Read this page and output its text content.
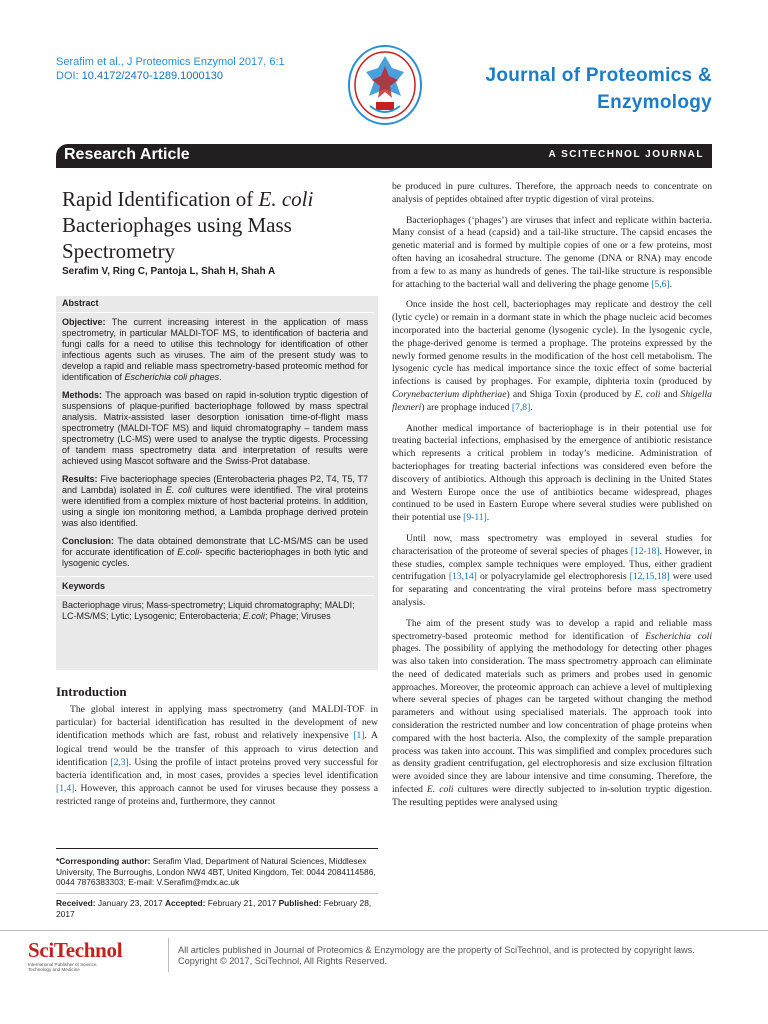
Serafim et al., J Proteomics Enzymol 2017, 6:1
DOI: 10.4172/2470-1289.1000130	Journal of Proteomics &
Enzymology
Research Article	A SCITECHNOL JOURNAL
Rapid Identification of E. coli Bacteriophages using Mass Spectrometry
Serafim V, Ring C, Pantoja L, Shah H, Shah A
Abstract

Objective: The current increasing interest in the application of mass spectrometry, in particular MALDI-TOF MS, to identification of bacteria and fungi calls for a need to utilise this technology for identification of other infectious agents such as viruses. The aim of the present study was to develop a rapid and reliable mass spectrometry-based proteomic method for identification of Escherichia coli phages.

Methods: The approach was based on rapid in-solution tryptic digestion of suspensions of plaque-purified bacteriophage followed by mass spectral analysis. Matrix-assisted laser desorption ionisation time-of-flight mass spectrometry (MALDI-TOF MS) and liquid chromatography – tandem mass spectrometry (LC-MS) were used to analyse the tryptic digests. Processing of tandem mass spectrometry data and interpretation of results were achieved using Mascot software and the Swiss-Prot database.

Results: Five bacteriophage species (Enterobacteria phages P2, T4, T5, T7 and Lambda) isolated in E. coli cultures were identified. The viral proteins were identified from a complex mixture of host bacterial proteins. In addition, using a single ion monitoring method, a Lambda prophage derived protein was also identified.

Conclusion: The data obtained demonstrate that LC-MS/MS can be used for accurate identification of E.coli- specific bacteriophages in both lytic and lysogenic cycles.

Keywords

Bacteriophage virus; Mass-spectrometry; Liquid chromatography; MALDI; LC-MS/MS; Lytic; Lysogenic; Enterobacteria; E.coli; Phage; Viruses

Introduction

The global interest in applying mass spectrometry (and MALDI-TOF in particular) for bacterial identification has resulted in the development of new identification methods which are fast, robust and relatively inexpensive [1]. A logical trend would be the transfer of this approach to virus detection and identification [2,3]. Using the profile of intact proteins proved very successful for bacteria identification and, in most cases, provides a species level identification [1,4]. However, this approach cannot be used for viruses because they possess a restricted range of proteins and, furthermore, they cannot

*Corresponding author: Serafim Vlad, Department of Natural Sciences, Middlesex University, The Burroughs, London NW4 4BT, United Kingdom, Tel: 0044 2084114586, 0044 7876383303; E-mail: V.Serafim@mdx.ac.uk
Received: January 23, 2017 Accepted: February 21, 2017 Published: February 28, 2017

be produced in pure cultures. Therefore, the approach needs to concentrate on analysis of peptides obtained after tryptic digestion of viral proteins.

Bacteriophages (‘phages’) are viruses that infect and replicate within bacteria. Many consist of a head (capsid) and a tail-like structure. The capsid encases the genetic material and is formed by multiple copies of one or a few proteins, most often having an icosahedral structure. The genome (DNA or RNA) may encode from a few to as many as hundreds of genes. The tail-like structure is responsible for attaching to the bacterial wall and delivering the phage genome [5,6].

Once inside the host cell, bacteriophages may replicate and destroy the cell (lytic cycle) or remain in a dormant state in which the phage nucleic acid becomes incorporated into the bacterial genome (lysogenic cycle). In the lysogenic cycle, the phage-derived genome is termed a prophage. The proteins expressed by the newly formed genome results in the modification of the host cell metabolism. The lysogenic cycle has medical importance since the toxic effect of some bacterial infections is caused by prophages. For example, diphteria toxin (produced by Corynebacterium diphtheriae) and Shiga Toxin (produced by E. coli and Shigella flexneri) are prophage induced [7,8].

Another medical importance of bacteriophage is in their potential use for treating bacterial infections, emphasised by the emergence of antibiotic resistance which represents a critical problem in today’s medicine. Administration of bacteriophages for treating bacterial infections was considered even before the discovery of antibiotics. Although this approach is declining in the United States and Western Europe once the use of antibiotics became widespread, phages continued to be used in Eastern Europe where several studies were published on their potential use [9-11].

Until now, mass spectrometry was employed in several studies for characterisation of the proteome of several species of phages [12-18]. However, in these studies, complex sample techniques were employed. Thus, either gradient centrifugation [13,14] or polyacrylamide gel electrophoresis [12,15,18] were used for separating and concentrating the viral proteins before mass spectrometry analysis.

The aim of the present study was to develop a rapid and reliable mass spectrometry-based proteomic method for identification of Escherichia coli phages. The possibility of applying the methodology for detecting other phages was also taken into consideration. The mass spectrometry approach can eliminate the need of dedicated materials such as primers and probes used in genomic approaches. Moreover, the proteomic approach can achieve a level of multiplexing where several species of phages can be targeted without changing the method parameters and without using specialised materials. The approach took into consideration the restricted number and low concentration of phage proteins when compared with the host bacteria. Also, the complexity of the sample preparation process was taken into account. This was simplified and complex procedures such as density gradient centrifugation, gel electrophoresis and size exclusion filtration were avoided since they are labour intensive and time consuming. Therefore, the infected E. coli cultures were directly subjected to in-solution tryptic digestion. The resulting peptides were analysed using

SciTechnol
International Publisher of Science,
Technology and Medicine
All articles published in Journal of Proteomics & Enzymology are the property of SciTechnol, and is protected by copyright laws. Copyright © 2017, SciTechnol, All Rights Reserved.
